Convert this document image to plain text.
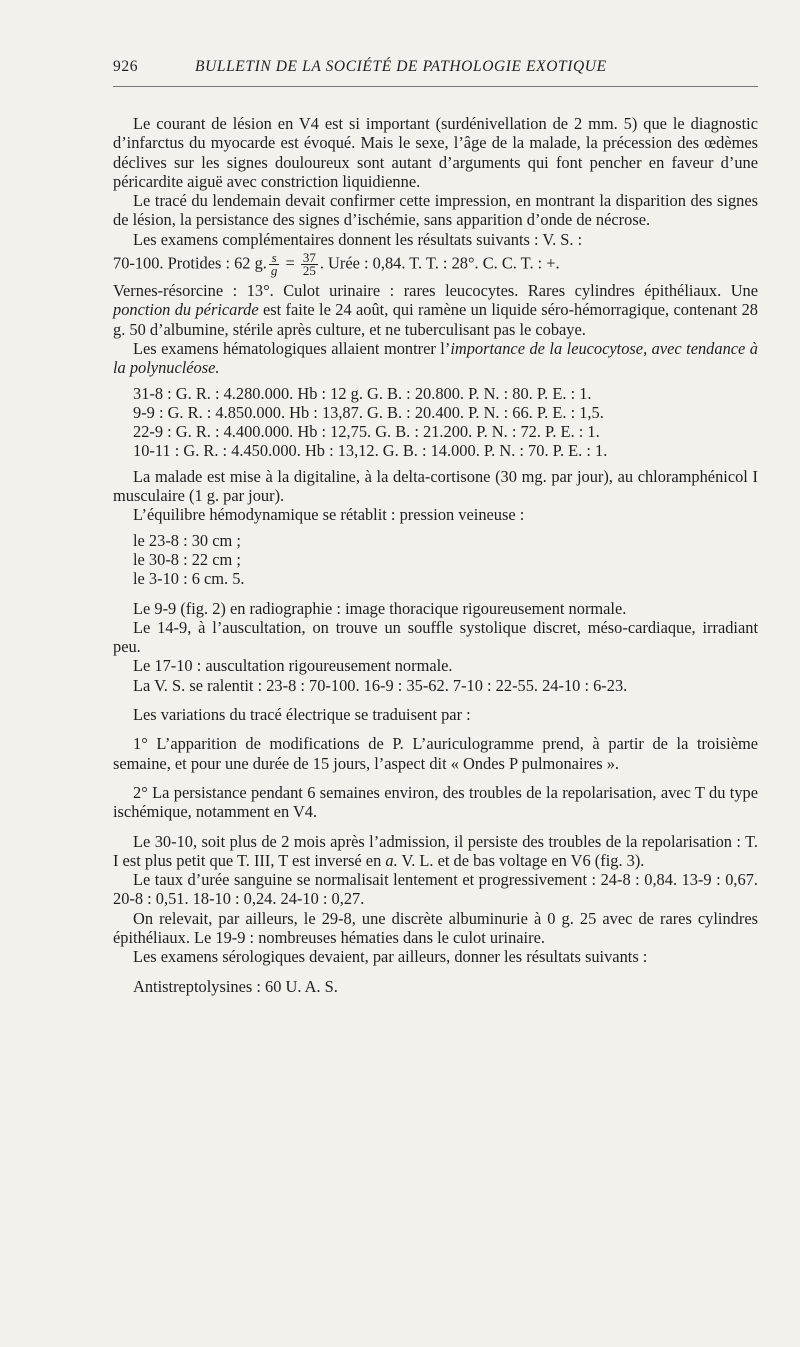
926	BULLETIN DE LA SOCIÉTÉ DE PATHOLOGIE EXOTIQUE

Le courant de lésion en V4 est si important (surdénivellation de 2 mm. 5) que le diagnostic d’infarctus du myocarde est évoqué. Mais le sexe, l’âge de la malade, la précession des œdèmes déclives sur les signes douloureux sont autant d’arguments qui font pencher en faveur d’une péricardite aiguë avec constriction liquidienne.

Le tracé du lendemain devait confirmer cette impression, en montrant la disparition des signes de lésion, la persistance des signes d’ischémie, sans apparition d’onde de nécrose.

Les examens complémentaires donnent les résultats suivants : V. S. :

70-100. Protides : 62 g. $\frac{s}{g} = \frac{37}{25}$ . Urée : 0,84. T. T. : 28°. C. C. T. : +.

Vernes-résorcine : 13°. Culot urinaire : rares leucocytes. Rares cylindres épithéliaux. Une ponction du péricarde est faite le 24 août, qui ramène un liquide séro-hémorragique, contenant 28 g. 50 d’albumine, stérile après culture, et ne tuberculisant pas le cobaye.

Les examens hématologiques allaient montrer l’importance de la leucocytose, avec tendance à la polynucléose.

31-8 : G. R. : 4.280.000. Hb : 12 g. G. B. : 20.800. P. N. : 80. P. E. : 1.

9-9 : G. R. : 4.850.000. Hb : 13,87. G. B. : 20.400. P. N. : 66. P. E. : 1,5.

22-9 : G. R. : 4.400.000. Hb : 12,75. G. B. : 21.200. P. N. : 72. P. E. : 1.

10-11 : G. R. : 4.450.000. Hb : 13,12. G. B. : 14.000. P. N. : 70. P. E. : 1.

La malade est mise à la digitaline, à la delta-cortisone (30 mg. par jour), au chloramphénicol I musculaire (1 g. par jour).

L’équilibre hémodynamique se rétablit : pression veineuse :

le 23-8 : 30 cm ;

le 30-8 : 22 cm ;

le 3-10 : 6 cm. 5.

Le 9-9 (fig. 2) en radiographie : image thoracique rigoureusement normale.

Le 14-9, à l’auscultation, on trouve un souffle systolique discret, méso-cardiaque, irradiant peu.

Le 17-10 : auscultation rigoureusement normale.

La V. S. se ralentit : 23-8 : 70-100. 16-9 : 35-62. 7-10 : 22-55. 24-10 : 6-23.

Les variations du tracé électrique se traduisent par :

1° L’apparition de modifications de P. L’auriculogramme prend, à partir de la troisième semaine, et pour une durée de 15 jours, l’aspect dit « Ondes P pulmonaires ».

2° La persistance pendant 6 semaines environ, des troubles de la repolarisation, avec T du type ischémique, notamment en V4.

Le 30-10, soit plus de 2 mois après l’admission, il persiste des troubles de la repolarisation : T. I est plus petit que T. III, T est inversé en a. V. L. et de bas voltage en V6 (fig. 3).

Le taux d’urée sanguine se normalisait lentement et progressivement : 24-8 : 0,84. 13-9 : 0,67. 20-8 : 0,51. 18-10 : 0,24. 24-10 : 0,27.

On relevait, par ailleurs, le 29-8, une discrète albuminurie à 0 g. 25 avec de rares cylindres épithéliaux. Le 19-9 : nombreuses hématies dans le culot urinaire.

Les examens sérologiques devaient, par ailleurs, donner les résultats suivants :

Antistreptolysines : 60 U. A. S.
